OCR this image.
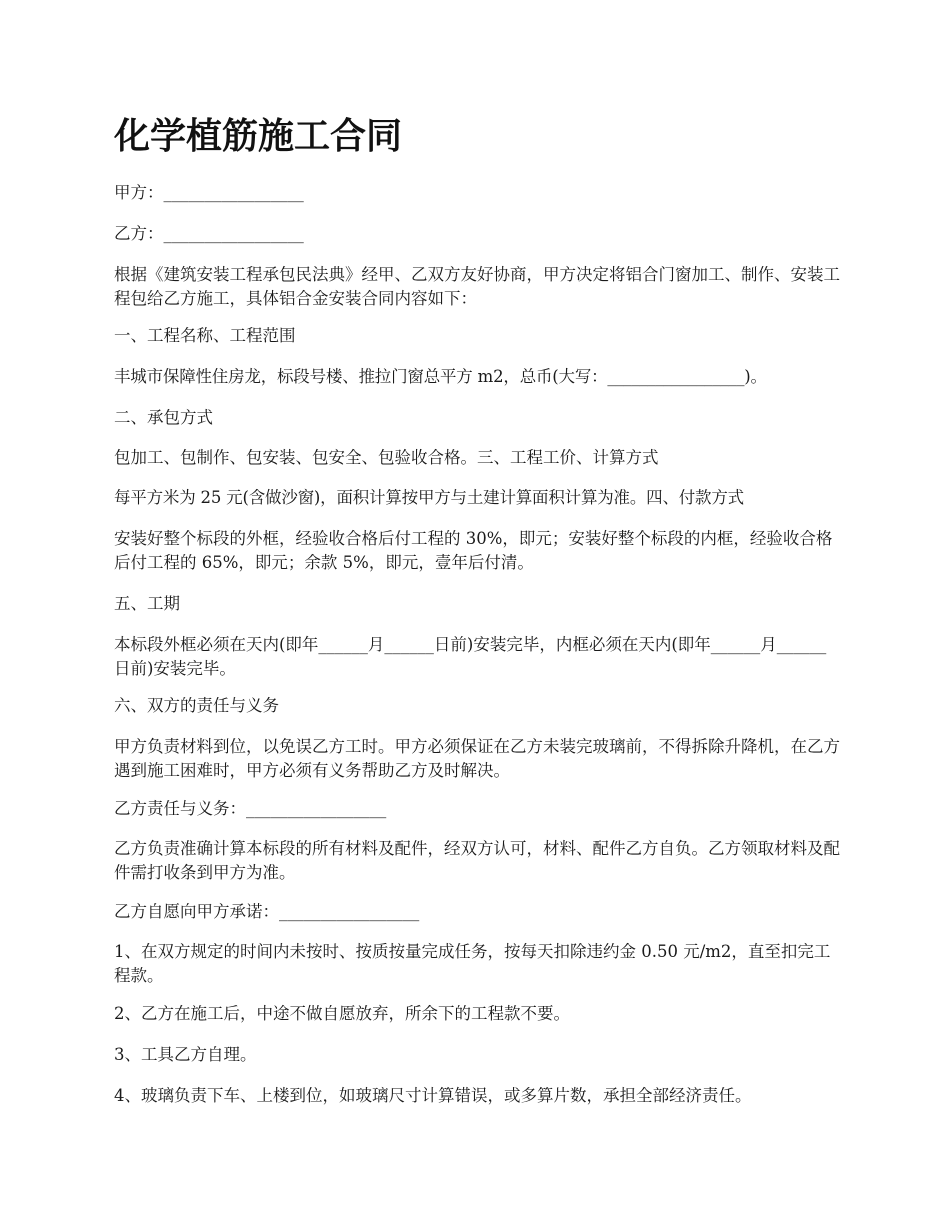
化学植筋施工合同

甲方：_________________

乙方：_________________

根据《建筑安装工程承包民法典》经甲、乙双方友好协商，甲方决定将铝合门窗加工、制作、安装工程包给乙方施工，具体铝合金安装合同内容如下：

一、工程名称、工程范围

丰城市保障性住房龙，标段号楼、推拉门窗总平方 m2，总币(大写：_________________)。

二、承包方式

包加工、包制作、包安装、包安全、包验收合格。三、工程工价、计算方式

每平方米为 25 元(含做沙窗)，面积计算按甲方与土建计算面积计算为准。四、付款方式

安装好整个标段的外框，经验收合格后付工程的 30%，即元；安装好整个标段的内框，经验收合格后付工程的 65%，即元；余款 5%，即元，壹年后付清。

五、工期

本标段外框必须在天内(即年______月______日前)安装完毕，内框必须在天内(即年______月______日前)安装完毕。

六、双方的责任与义务

甲方负责材料到位，以免误乙方工时。甲方必须保证在乙方未装完玻璃前，不得拆除升降机，在乙方遇到施工困难时，甲方必须有义务帮助乙方及时解决。

乙方责任与义务：_________________

乙方负责准确计算本标段的所有材料及配件，经双方认可，材料、配件乙方自负。乙方领取材料及配件需打收条到甲方为准。

乙方自愿向甲方承诺：_________________

1、在双方规定的时间内未按时、按质按量完成任务，按每天扣除违约金 0.50 元/m2，直至扣完工程款。

2、乙方在施工后，中途不做自愿放弃，所余下的工程款不要。

3、工具乙方自理。

4、玻璃负责下车、上楼到位，如玻璃尺寸计算错误，或多算片数，承担全部经济责任。
